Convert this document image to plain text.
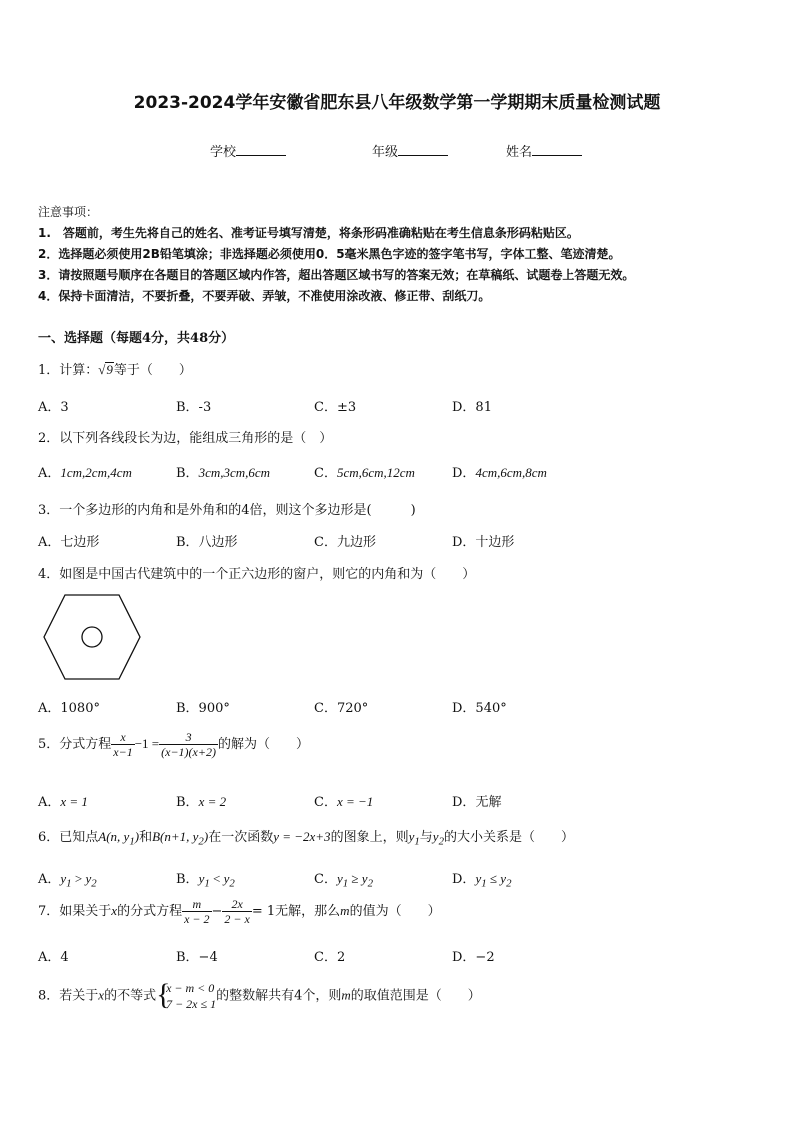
2023-2024学年安徽省肥东县八年级数学第一学期期末质量检测试题
学校	年级	姓名
注意事项：
1.　答题前，考生先将自己的姓名、准考证号填写清楚，将条形码准确粘贴在考生信息条形码粘贴区。
2．选择题必须使用2B铅笔填涂；非选择题必须使用0．5毫米黑色字迹的签字笔书写，字体工整、笔迹清楚。
3．请按照题号顺序在各题目的答题区域内作答，超出答题区域书写的答案无效；在草稿纸、试题卷上答题无效。
4．保持卡面清洁，不要折叠，不要弄破、弄皱，不准使用涂改液、修正带、刮纸刀。
一、选择题（每题4分，共48分）
1．计算：√9等于（　　）
A．3	B．-3	C．±3	D．81
2．以下列各线段长为边，能组成三角形的是（　）
A．1cm,2cm,4cm	B．3cm,3cm,6cm	C．5cm,6cm,12cm	D．4cm,6cm,8cm
3．一个多边形的内角和是外角和的4倍，则这个多边形是(　　　)
A．七边形	B．八边形	C．九边形	D．十边形
4．如图是中国古代建筑中的一个正六边形的窗户，则它的内角和为（　　）
A．1080°	B．900°	C．720°	D．540°
5．分式方程 $\frac{x}{x-1} -1 = \frac{3}{(x-1)(x+2)}$ 的解为（　　）
A．x = 1	B．x = 2	C．x = −1	D．无解
6．已知点A(n, $y_1$)和B(n+1, $y_2$)在一次函数y = −2x+3的图象上，则$y_1$与$y_2$的大小关系是（　　）
A．$y_1 > y_2$	B．$y_1 < y_2$	C．$y_1 \ge y_2$	D．$y_1 \le y_2$
7．如果关于x的分式方程 $\frac{m}{x - 2} - \frac{2x}{2 - x} = 1$无解，那么m的值为（　　）
A．4	B．−4	C．2	D．−2
8．若关于x的不等式 {
x − m < 0
7 − 2x ≤ 1
的整数解共有4个，则m的取值范围是（　　）
